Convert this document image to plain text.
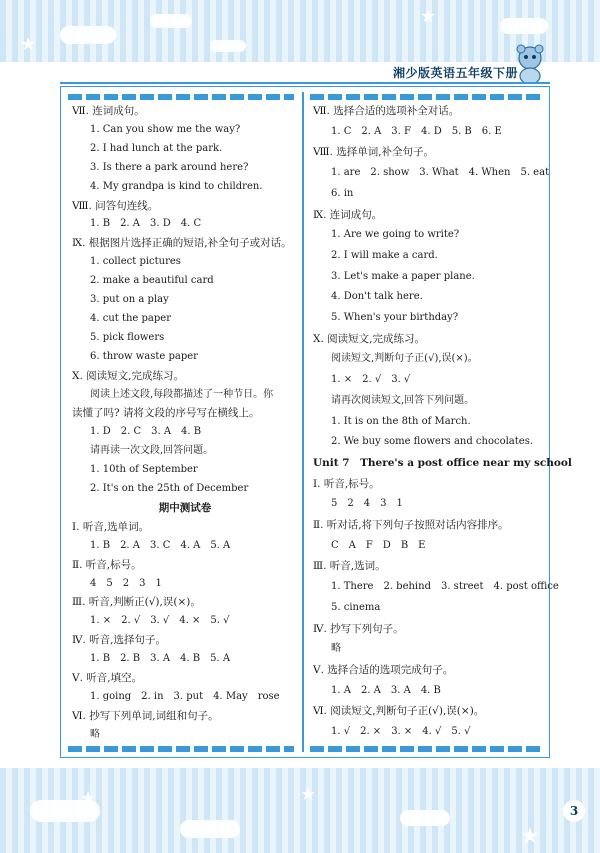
★
★
★
★
★
湘少版英语五年级下册
Ⅶ. 连词成句。
1. Can you show me the way?
2. I had lunch at the park.
3. Is there a park around here?
4. My grandpa is kind to children.
Ⅷ. 问答句连线。
1. B　2. A　3. D　4. C
Ⅸ. 根据图片选择正确的短语,补全句子或对话。
1. collect pictures
2. make a beautiful card
3. put on a play
4. cut the paper
5. pick flowers
6. throw waste paper
Ⅹ. 阅读短文,完成练习。
阅读上述文段,每段都描述了一种节日。你
读懂了吗? 请将文段的序号写在横线上。
1. D　2. C　3. A　4. B
请再读一次文段,回答问题。
1. 10th of September
2. It's on the 25th of December
期中测试卷
Ⅰ. 听音,选单词。
1. B　2. A　3. C　4. A　5. A
Ⅱ. 听音,标号。
4　5　2　3　1
Ⅲ. 听音,判断正(√),误(×)。
1. ×　2. √　3. √　4. ×　5. √
Ⅳ. 听音,选择句子。
1. B　2. B　3. A　4. B　5. A
Ⅴ. 听音,填空。
1. going　2. in　3. put　4. May　rose
Ⅵ. 抄写下列单词,词组和句子。
略
Ⅶ. 选择合适的选项补全对话。
1. C　2. A　3. F　4. D　5. B　6. E
Ⅷ. 选择单词,补全句子。
1. are　2. show　3. What　4. When　5. eat
6. in
Ⅸ. 连词成句。
1. Are we going to write?
2. I will make a card.
3. Let's make a paper plane.
4. Don't talk here.
5. When's your birthday?
Ⅹ. 阅读短文,完成练习。
阅读短文,判断句子正(√),误(×)。
1. ×　2. √　3. √
请再次阅读短文,回答下列问题。
1. It is on the 8th of March.
2. We buy some flowers and chocolates.
Unit 7　There's a post office near my school
Ⅰ. 听音,标号。
5　2　4　3　1
Ⅱ. 听对话,将下列句子按照对话内容排序。
C　A　F　D　B　E
Ⅲ. 听音,选词。
1. There　2. behind　3. street　4. post office
5. cinema
Ⅳ. 抄写下列句子。
略
Ⅴ. 选择合适的选项完成句子。
1. A　2. A　3. A　4. B
Ⅵ. 阅读短文,判断句子正(√),误(×)。
1. √　2. ×　3. ×　4. √　5. √
3
